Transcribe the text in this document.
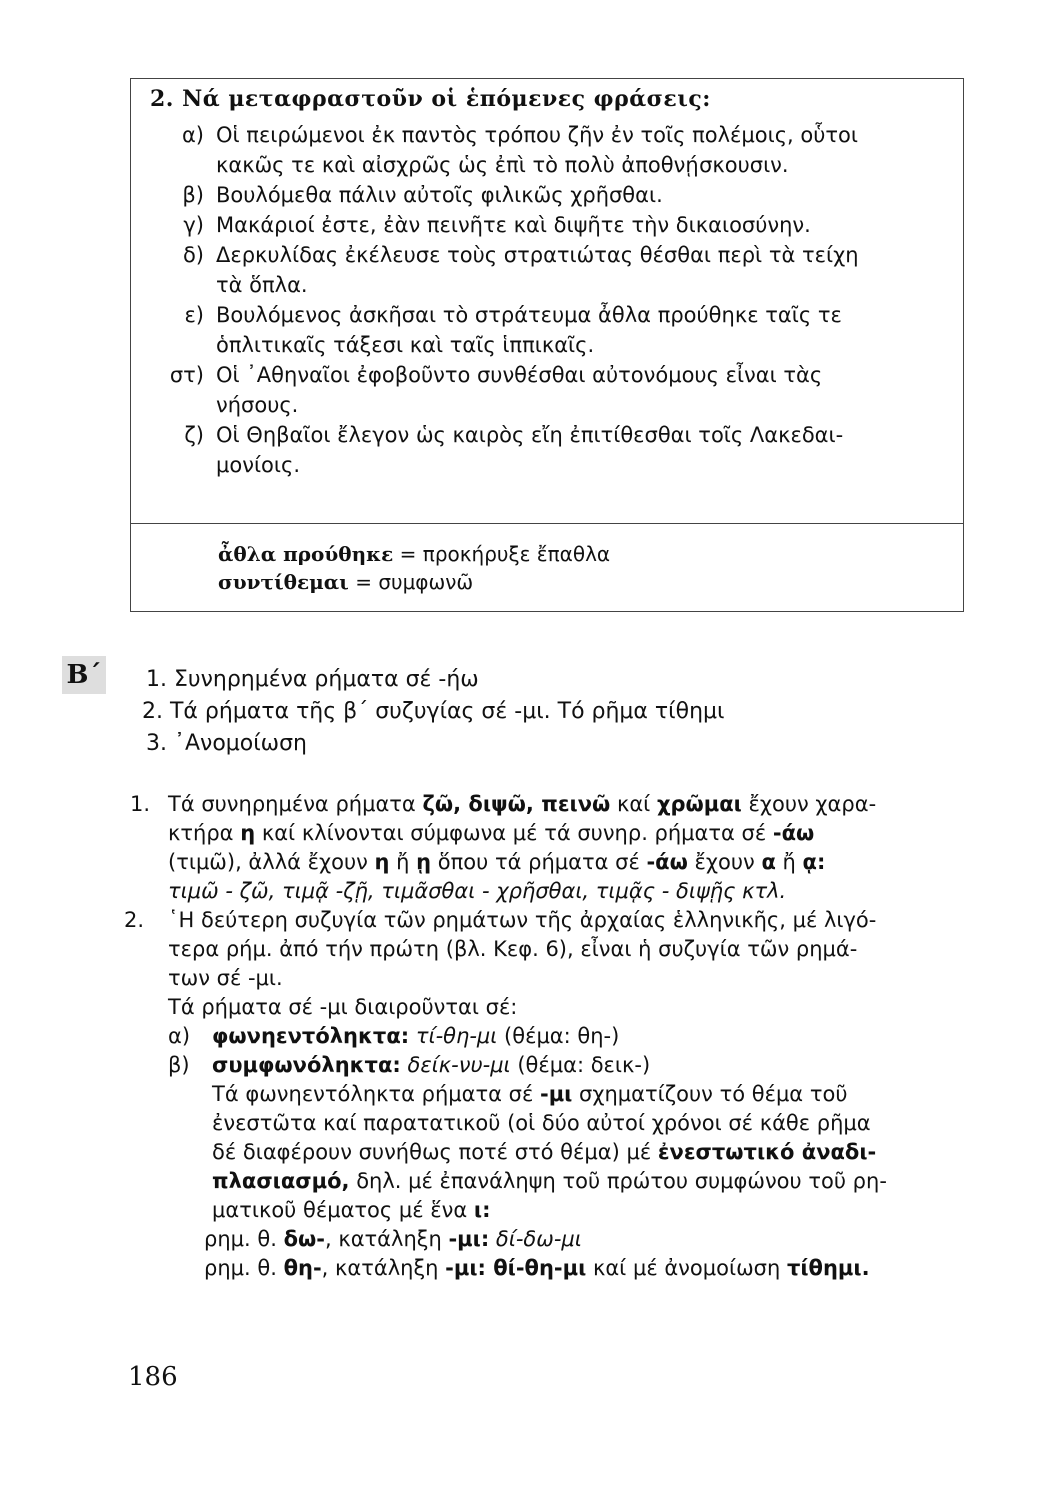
2. Νά μεταφραστοῦν οἱ ἑπόμενες φράσεις:
α) Οἱ πειρώμενοι ἐκ παντὸς τρόπου ζῆν ἐν τοῖς πολέμοις, οὗτοι
κακῶς τε καὶ αἰσχρῶς ὡς ἐπὶ τὸ πολὺ ἀποθνῄσκουσιν.
β) Βουλόμεθα πάλιν αὐτοῖς φιλικῶς χρῆσθαι.
γ) Μακάριοί ἐστε, ἐὰν πεινῆτε καὶ διψῆτε τὴν δικαιοσύνην.
δ) Δερκυλίδας ἐκέλευσε τοὺς στρατιώτας θέσθαι περὶ τὰ τείχη
τὰ ὅπλα.
ε) Βουλόμενος ἀσκῆσαι τὸ στράτευμα ἆθλα προύθηκε ταῖς τε
ὁπλιτικαῖς τάξεσι καὶ ταῖς ἱππικαῖς.
στ) Οἱ ᾿Αθηναῖοι ἐφοβοῦντο συνθέσθαι αὐτονόμους εἶναι τὰς
νήσους.
ζ) Οἱ Θηβαῖοι ἔλεγον ὡς καιρὸς εἴη ἐπιτίθεσθαι τοῖς Λακεδαι-
μονίοις.
ἆθλα προύθηκε = προκήρυξε ἔπαθλα
συντίθεμαι = συμφωνῶ
Β΄ 1. Συνηρημένα ρήματα σέ -ήω
2. Τά ρήματα τῆς β΄ συζυγίας σέ -μι. Τό ρῆμα τίθημι
3. ᾿Ανομοίωση
1. Τά συνηρημένα ρήματα ζῶ, διψῶ, πεινῶ καί χρῶμαι ἔχουν χαρα-
κτήρα η καί κλίνονται σύμφωνα μέ τά συνηρ. ρήματα σέ -άω
(τιμῶ), ἀλλά ἔχουν η ἤ ῃ ὅπου τά ρήματα σέ -άω ἔχουν α ἤ ᾳ:
τιμῶ - ζῶ, τιμᾷ -ζῇ, τιμᾶσθαι - χρῆσθαι, τιμᾷς - διψῇς κτλ.
2. ῾Η δεύτερη συζυγία τῶν ρημάτων τῆς ἀρχαίας ἑλληνικῆς, μέ λιγό-
τερα ρήμ. ἀπό τήν πρώτη (βλ. Κεφ. 6), εἶναι ἡ συζυγία τῶν ρημά-
των σέ -μι.
Τά ρήματα σέ -μι διαιροῦνται σέ:
α) φωνηεντόληκτα: τί-θη-μι (θέμα: θη-)
β) συμφωνόληκτα: δείκ-νυ-μι (θέμα: δεικ-)
Τά φωνηεντόληκτα ρήματα σέ -μι σχηματίζουν τό θέμα τοῦ
ἐνεστῶτα καί παρατατικοῦ (οἱ δύο αὐτοί χρόνοι σέ κάθε ρῆμα
δέ διαφέρουν συνήθως ποτέ στό θέμα) μέ ἐνεστωτικό ἀναδι-
πλασιασμό, δηλ. μέ ἐπανάληψη τοῦ πρώτου συμφώνου τοῦ ρη-
ματικοῦ θέματος μέ ἕνα ι:
ρημ. θ. δω-, κατάληξη -μι: δί-δω-μι
ρημ. θ. θη-, κατάληξη -μι: θί-θη-μι καί μέ ἀνομοίωση τίθημι.
186
